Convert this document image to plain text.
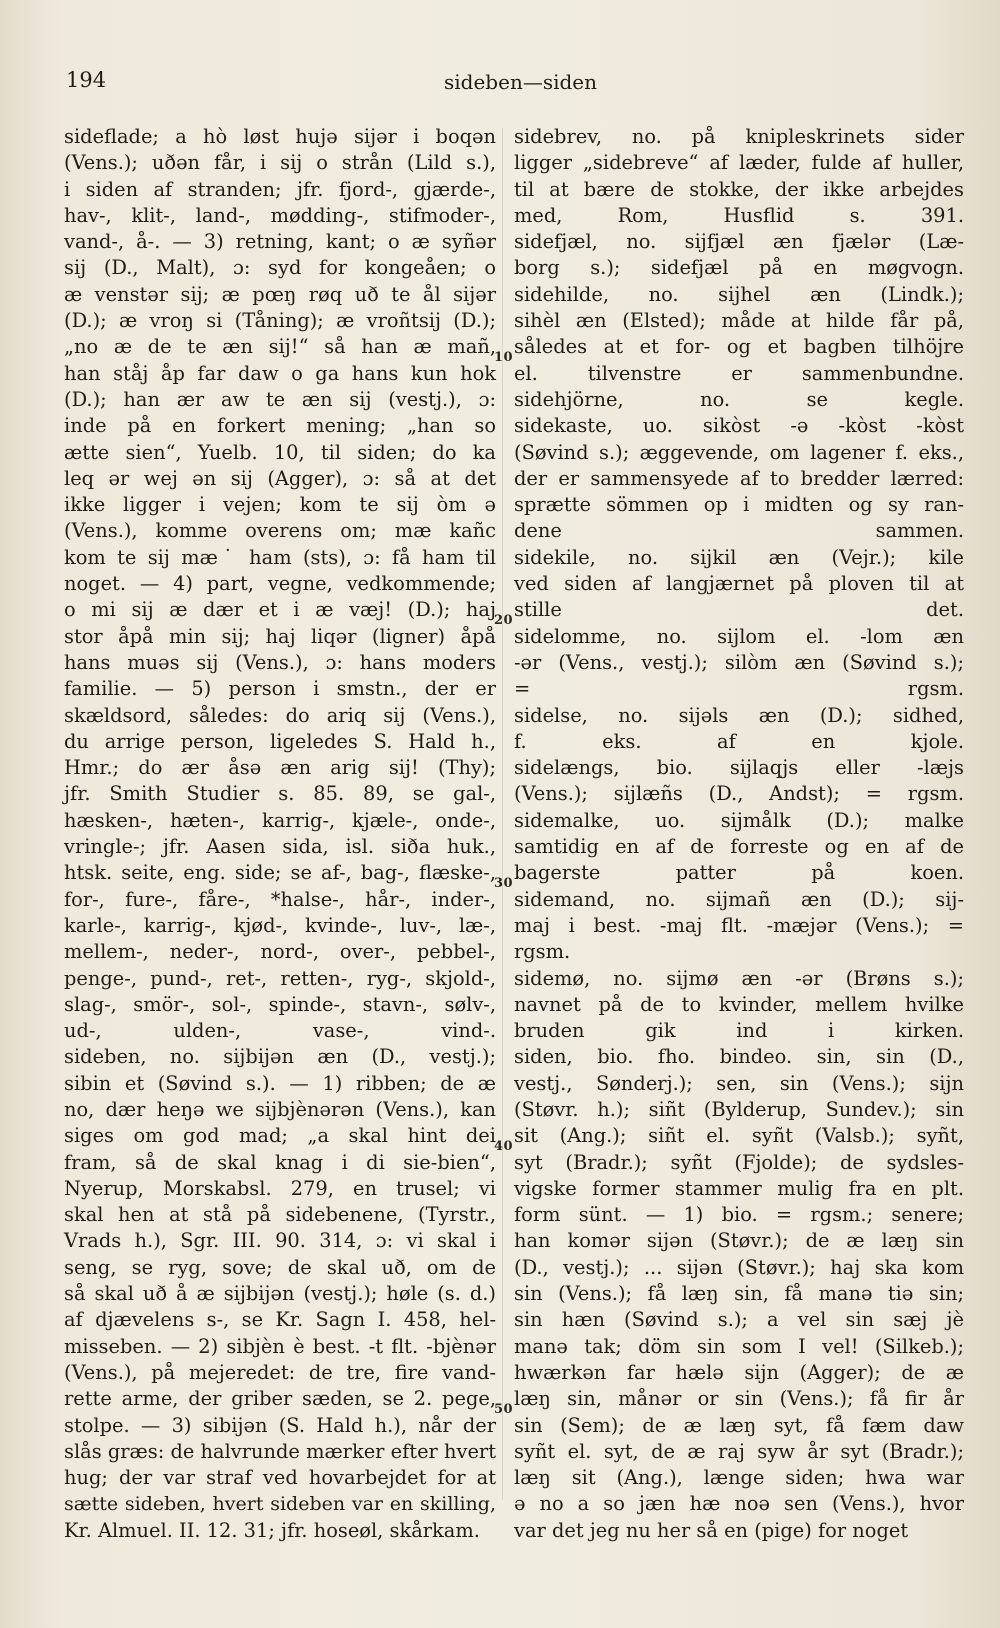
194	sideben—siden
sideflade; a hò løst hujə sijər i boqən
(Vens.); uðən får, i sij o strån (Lild s.),
i siden af stranden; jfr. fjord-, gjærde-,
hav-, klit-, land-, mødding-, stifmoder-,
vand-, å-. — 3) retning, kant; o æ syñər
sij (D., Malt), ɔ: syd for kongeåen; o
æ venstər sij; æ pœŋ røq uð te ål sijər
(D.); æ vroŋ si (Tåning); æ vroñtsij (D.);
„no æ de te æn sij!“ så han æ mañ,
han ståj åp far daw o ga hans kun hok
(D.); han ær aw te æn sij (vestj.), ɔ:
inde på en forkert mening; „han so
ætte sien“, Yuelb. 10, til siden; do ka
leq ər wej ən sij (Agger), ɔ: så at det
ikke ligger i vejen; kom te sij òm ə
(Vens.), komme overens om; mæ kañc
kom te sij mæ˙ ham (sts), ɔ: få ham til
noget. — 4) part, vegne, vedkommende;
o mi sij æ dær et i æ væj! (D.); haj
stor åpå min sij; haj liqər (ligner) åpå
hans muəs sij (Vens.), ɔ: hans moders
familie. — 5) person i smstn., der er
skældsord, således: do ariq sij (Vens.),
du arrige person, ligeledes S. Hald h.,
Hmr.; do ær åsə æn arig sij! (Thy);
jfr. Smith Studier s. 85. 89, se gal-,
hæsken-, hæten-, karrig-, kjæle-, onde-,
vringle-; jfr. Aasen sida, isl. siða huk.,
htsk. seite, eng. side; se af-, bag-, flæske-,
for-, fure-, fåre-, *halse-, hår-, inder-,
karle-, karrig-, kjød-, kvinde-, luv-, læ-,
mellem-, neder-, nord-, over-, pebbel-,
penge-, pund-, ret-, retten-, ryg-, skjold-,
slag-, smör-, sol-, spinde-, stavn-, sølv-,
ud-, ulden-, vase-, vind-.
sideben, no. sijbijən æn (D., vestj.);
sibin et (Søvind s.). — 1) ribben; de æ
no, dær heŋə we sijbjènərən (Vens.), kan
siges om god mad; „a skal hint dei
fram, så de skal knag i di sie-bien“,
Nyerup, Morskabsl. 279, en trusel; vi
skal hen at stå på sidebenene, (Tyrstr.,
Vrads h.), Sgr. III. 90. 314, ɔ: vi skal i
seng, se ryg, sove; de skal uð, om de
så skal uð å æ sijbijən (vestj.); høle (s. d.)
af djævelens s-, se Kr. Sagn I. 458, hel-
misseben. — 2) sibjèn è best. -t flt. -bjènər
(Vens.), på mejeredet: de tre, fire vand-
rette arme, der griber sæden, se 2. pege,
stolpe. — 3) sibijən (S. Hald h.), når der
slås græs: de halvrunde mærker efter hvert
hug; der var straf ved hovarbejdet for at
sætte sideben, hvert sideben var en skilling,
Kr. Almuel. II. 12. 31; jfr. hoseøl, skårkam.
sidebrev, no. på knipleskrinets sider
ligger „sidebreve“ af læder, fulde af huller,
til at bære de stokke, der ikke arbejdes
med, Rom, Husflid s. 391.
sidefjæl, no. sijfjæl æn fjælər (Læ-
borg s.); sidefjæl på en møgvogn.
sidehilde, no. sijhel æn (Lindk.);
sihèl æn (Elsted); måde at hilde får på,
således at et for- og et bagben tilhöjre
el. tilvenstre er sammenbundne.
sidehjörne, no. se kegle.
sidekaste, uo. sikòst -ə -kòst -kòst
(Søvind s.); æggevende, om lagener f. eks.,
der er sammensyede af to bredder lærred:
sprætte sömmen op i midten og sy ran-
dene sammen.
sidekile, no. sijkil æn (Vejr.); kile
ved siden af langjærnet på ploven til at
stille det.
sidelomme, no. sijlom el. -lom æn
-ər (Vens., vestj.); silòm æn (Søvind s.);
= rgsm.
sidelse, no. sijəls æn (D.); sidhed,
f. eks. af en kjole.
sidelængs, bio. sijlaqjs eller -læjs
(Vens.); sijlæñs (D., Andst); = rgsm.
sidemalke, uo. sijmålk (D.); malke
samtidig en af de forreste og en af de
bagerste patter på koen.
sidemand, no. sijmañ æn (D.); sij-
maj i best. -maj flt. -mæjər (Vens.); =
rgsm.
sidemø, no. sijmø æn -ər (Brøns s.);
navnet på de to kvinder, mellem hvilke
bruden gik ind i kirken.
siden, bio. fho. bindeo. sin, sin (D.,
vestj., Sønderj.); sen, sin (Vens.); sijn
(Støvr. h.); siñt (Bylderup, Sundev.); sin
sit (Ang.); siñt el. syñt (Valsb.); syñt,
syt (Bradr.); syñt (Fjolde); de sydsles-
vigske former stammer mulig fra en plt.
form sünt. — 1) bio. = rgsm.; senere;
han komər sijən (Støvr.); de æ læŋ sin
(D., vestj.); ... sijən (Støvr.); haj ska kom
sin (Vens.); få læŋ sin, få manə tiə sin;
sin hæn (Søvind s.); a vel sin sæj jè
manə tak; döm sin som I vel! (Silkeb.);
hwærkən far hælə sijn (Agger); de æ
læŋ sin, månər or sin (Vens.); få fir år
sin (Sem); de æ læŋ syt, få fæm daw
syñt el. syt, de æ raj syw år syt (Bradr.);
læŋ sit (Ang.), længe siden; hwa war
ə no a so jæn hæ noə sen (Vens.), hvor
var det jeg nu her så en (pige) for noget
10
20
30
40
50
